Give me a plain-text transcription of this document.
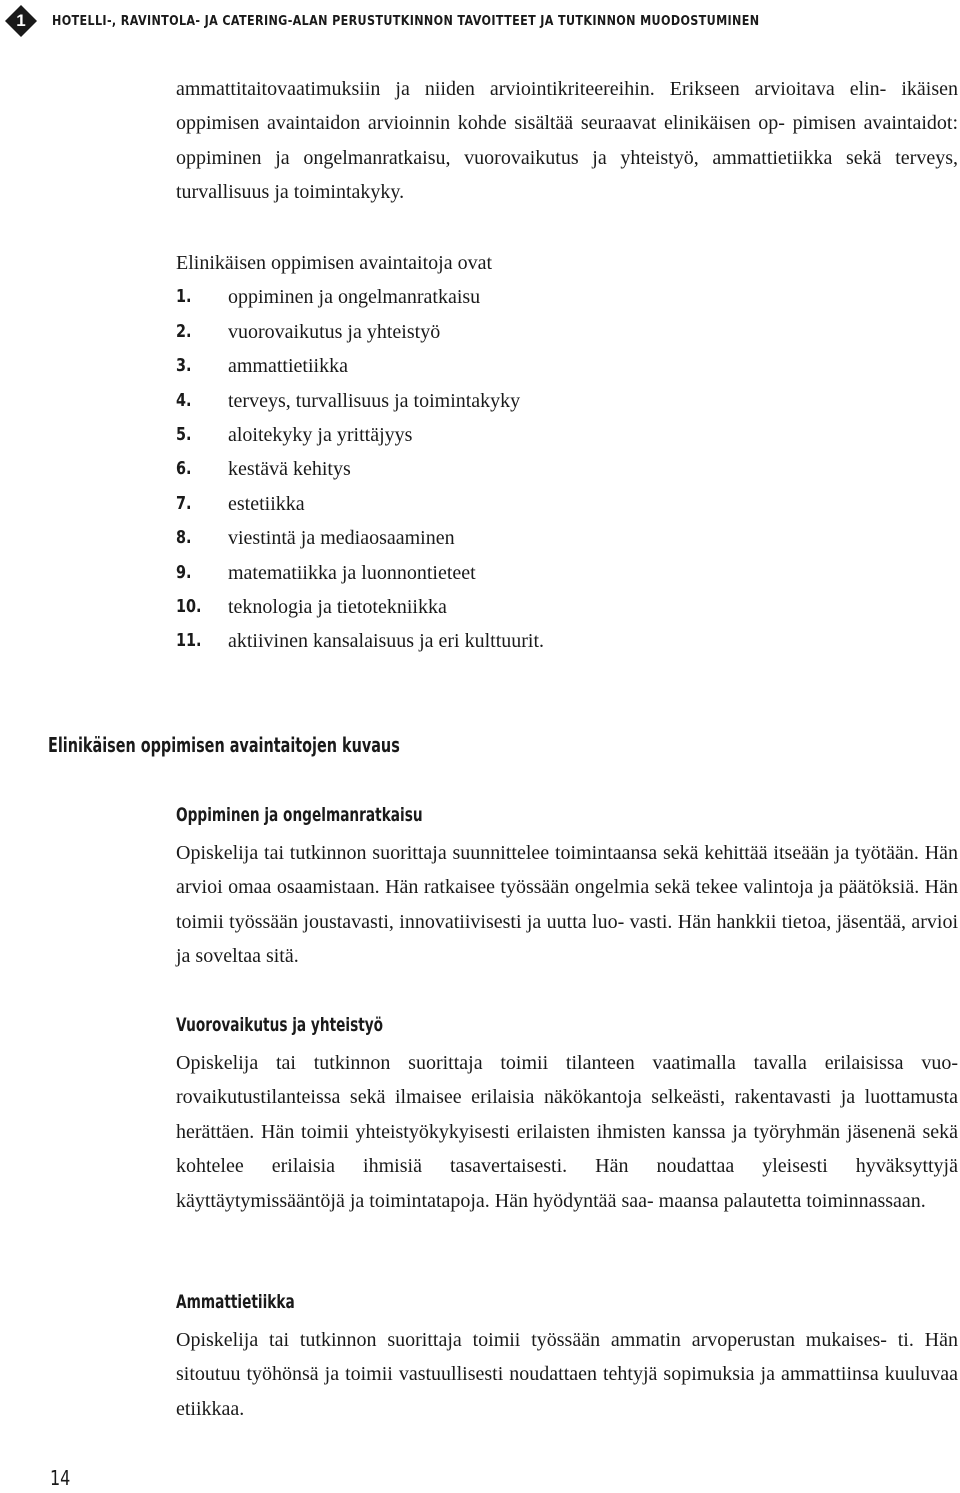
1	HOTELLI-, RAVINTOLA- JA CATERING-ALAN PERUSTUTKINNON TAVOITTEET JA TUTKINNON MUODOSTUMINEN

ammattitaitovaatimuksiin ja niiden arviointikriteereihin. Erikseen arvioitava elin- ikäisen oppimisen avaintaidon arvioinnin kohde sisältää seuraavat elinikäisen op- pimisen avaintaidot: oppiminen ja ongelmanratkaisu, vuorovaikutus ja yhteistyö, ammattietiikka sekä terveys, turvallisuus ja toimintakyky.

Elinikäisen oppimisen avaintaitoja ovat

1.	oppiminen ja ongelmanratkaisu
2.	vuorovaikutus ja yhteistyö
3.	ammattietiikka
4.	terveys, turvallisuus ja toimintakyky
5.	aloitekyky ja yrittäjyys
6.	kestävä kehitys
7.	estetiikka
8.	viestintä ja mediaosaaminen
9.	matematiikka ja luonnontieteet
10.	teknologia ja tietotekniikka
11.	aktiivinen kansalaisuus ja eri kulttuurit.
Elinikäisen oppimisen avaintaitojen kuvaus
Oppiminen ja ongelmanratkaisu

Opiskelija tai tutkinnon suorittaja suunnittelee toimintaansa sekä kehittää itseään ja työtään. Hän arvioi omaa osaamistaan. Hän ratkaisee työssään ongelmia sekä tekee valintoja ja päätöksiä. Hän toimii työssään joustavasti, innovatiivisesti ja uutta luo- vasti. Hän hankkii tietoa, jäsentää, arvioi ja soveltaa sitä.

Vuorovaikutus ja yhteistyö

Opiskelija tai tutkinnon suorittaja toimii tilanteen vaatimalla tavalla erilaisissa vuo- rovaikutustilanteissa sekä ilmaisee erilaisia näkökantoja selkeästi, rakentavasti ja luottamusta herättäen. Hän toimii yhteistyökykyisesti erilaisten ihmisten kanssa ja työryhmän jäsenenä sekä kohtelee erilaisia ihmisiä tasavertaisesti. Hän noudattaa yleisesti hyväksyttyjä käyttäytymissääntöjä ja toimintatapoja. Hän hyödyntää saa- maansa palautetta toiminnassaan.

Ammattietiikka

Opiskelija tai tutkinnon suorittaja toimii työssään ammatin arvoperustan mukaises- ti. Hän sitoutuu työhönsä ja toimii vastuullisesti noudattaen tehtyjä sopimuksia ja ammattiinsa kuuluvaa etiikkaa.

14
